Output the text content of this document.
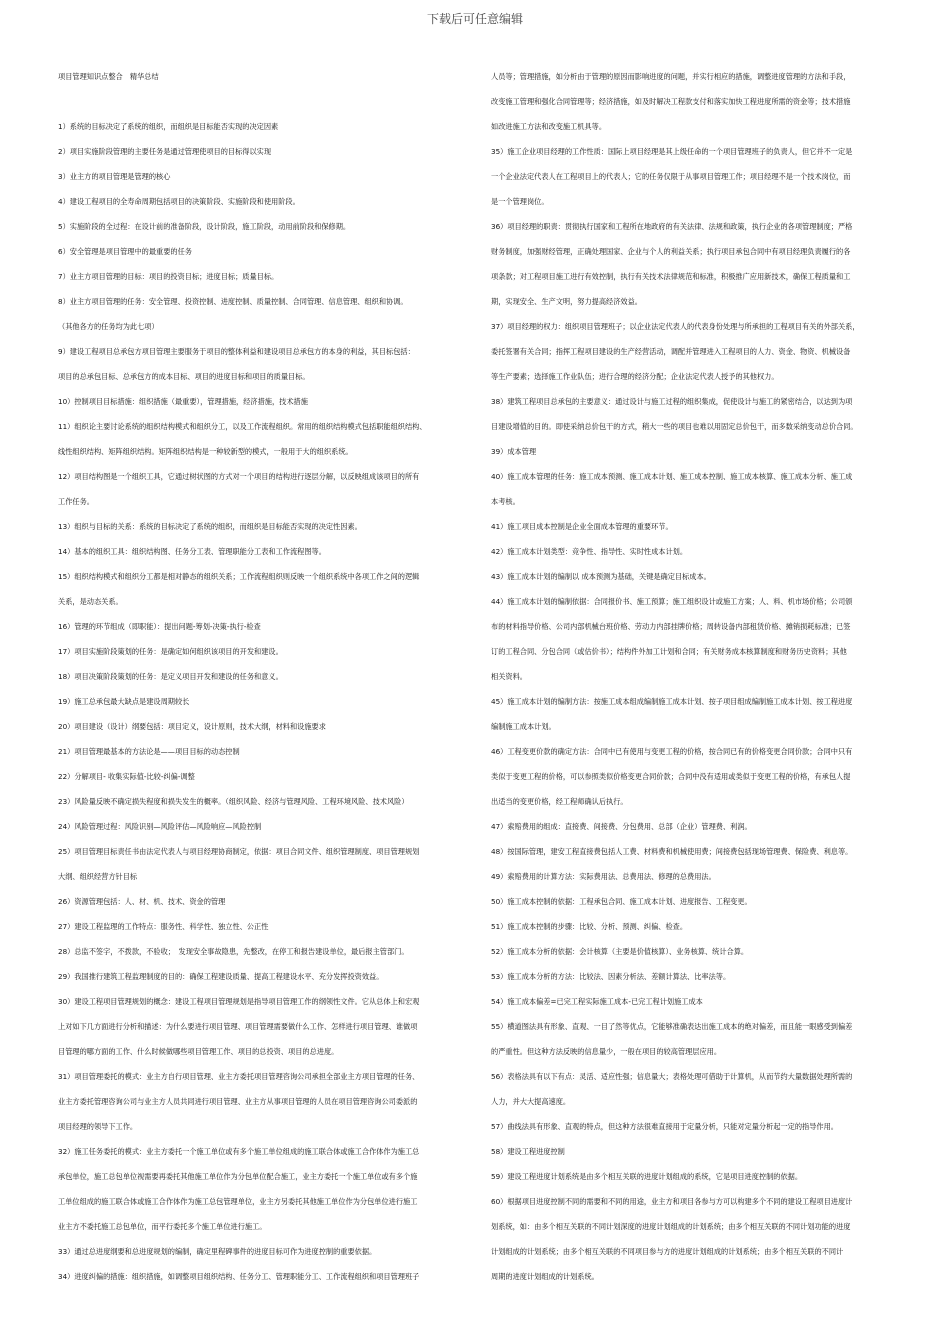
下载后可任意编辑
项目管理知识点整合　精华总结
1）系统的目标决定了系统的组织，而组织是目标能否实现的决定因素
2）项目实施阶段管理的主要任务是通过管理使项目的目标得以实现
3）业主方的项目管理是管理的核心
4）建设工程项目的全寿命周期包括项目的决策阶段、实施阶段和使用阶段。
5）实施阶段的全过程：在设计前的准备阶段，设计阶段，施工阶段，动用前阶段和保修期。
6）安全管理是项目管理中的最重要的任务
7）业主方项目管理的目标：项目的投资目标；进度目标；质量目标。
8）业主方项目管理的任务：安全管理、投资控制、进度控制、质量控制、合同管理、信息管理、组织和协调。
（其他各方的任务均为此七项）
9）建设工程项目总承包方项目管理主要服务于项目的整体利益和建设项目总承包方的本身的利益，其目标包括：
项目的总承包目标、总承包方的成本目标、项目的进度目标和项目的质量目标。
10）控制项目目标措施：组织措施（最重要），管理措施，经济措施，技术措施
11）组织论主要讨论系统的组织结构模式和组织分工，以及工作流程组织。常用的组织结构模式包括职能组织结构、
线性组织结构、矩阵组织结构。矩阵组织结构是一种较新型的模式，一般用于大的组织系统。
12）项目结构图是一个组织工具，它通过树状图的方式对一个项目的结构进行逐层分解，以反映组成该项目的所有
工作任务。
13）组织与目标的关系：系统的目标决定了系统的组织，而组织是目标能否实现的决定性因素。
14）基本的组织工具：组织结构图、任务分工表、管理职能分工表和工作流程图等。
15）组织结构模式和组织分工都是相对静态的组织关系；工作流程组织则反映一个组织系统中各项工作之间的逻辑
关系，是动态关系。
16）管理的环节组成（即职能）：提出问题-筹划-决策-执行-检查
17）项目实施阶段策划的任务：是确定如何组织该项目的开发和建设。
18）项目决策阶段策划的任务：是定义项目开发和建设的任务和意义。
19）施工总承包最大缺点是建设周期较长
20）项目建设（设计）纲要包括：项目定义，设计原则，技术大纲，材料和设施要求
21）项目管理最基本的方法论是——项目目标的动态控制
22）分解项目- 收集实际值-比较-纠偏-调整
23）风险量反映不确定损失程度和损失发生的概率。（组织风险、经济与管理风险、工程环境风险、技术风险）
24）风险管理过程：风险识别—风险评估—风险响应—风险控制
25）项目管理目标责任书由法定代表人与项目经理协商制定，依据：项目合同文件、组织管理制度、项目管理规划
大纲、组织经营方针目标
26）资源管理包括：人、材、机、技术、资金的管理
27）建设工程监理的工作特点：服务性、科学性、独立性、公正性
28）总监不签字，不拨款，不验收；　发现安全事故隐患，先整改，在停工和报告建设单位，最后报主管部门。
29）我国推行建筑工程监理制度的目的：确保工程建设质量、提高工程建设水平、充分发挥投资效益。
30）建设工程项目管理规划的概念：建设工程项目管理规划是指导项目管理工作的纲领性文件。它从总体上和宏观
上对如下几方面进行分析和描述：为什么要进行项目管理、项目管理需要做什么工作、怎样进行项目管理、谁做项
目管理的哪方面的工作、什么时候做哪些项目管理工作、项目的总投资、项目的总进度。
31）项目管理委托的模式：业主方自行项目管理、业主方委托项目管理咨询公司承担全部业主方项目管理的任务、
业主方委托管理咨询公司与业主方人员共同进行项目管理、业主方从事项目管理的人员在项目管理咨询公司委派的
项目经理的领导下工作。
32）施工任务委托的模式：业主方委托一个施工单位或有多个施工单位组成的施工联合体或施工合作体作为施工总
承包单位，施工总包单位视需要再委托其他施工单位作为分包单位配合施工，业主方委托一个施工单位或有多个施
工单位组成的施工联合体或施工合作体作为施工总包管理单位，业主方另委托其他施工单位作为分包单位进行施工
业主方不委托施工总包单位，而平行委托多个施工单位进行施工。
33）通过总进度纲要和总进度规划的编制，确定里程碑事件的进度目标可作为进度控制的重要依据。
34）进度纠偏的措施：组织措施，如调整项目组织结构、任务分工、管理职能分工、工作流程组织和项目管理班子
人员等；管理措施，如分析由于管理的原因而影响进度的问题，并实行相应的措施，调整进度管理的方法和手段，
改变施工管理和强化合同管理等；经济措施，如及时解决工程款支付和落实加快工程进度所需的资金等；技术措施
如改进施工方法和改变施工机具等。
35）施工企业项目经理的工作性质：国际上项目经理是其上级任命的一个项目管理班子的负责人，但它并不一定是
一个企业法定代表人在工程项目上的代表人；它的任务仅限于从事项目管理工作；项目经理不是一个技术岗位，而
是一个管理岗位。
36）项目经理的职责：贯彻执行国家和工程所在地政府的有关法律、法规和政策，执行企业的各项管理制度；严格
财务制度，加强财经管理，正确处理国家、企业与个人的利益关系；执行项目承包合同中有项目经理负责履行的各
项条款；对工程项目施工进行有效控制，执行有关技术法律规范和标准，积极推广应用新技术，确保工程质量和工
期，实现安全、生产文明，努力提高经济效益。
37）项目经理的权力：组织项目管理班子；以企业法定代表人的代表身份处理与所承担的工程项目有关的外部关系，
委托签署有关合同；指挥工程项目建设的生产经营活动，调配并管理进入工程项目的人力、资金、物资、机械设备
等生产要素；选择施工作业队伍；进行合理的经济分配；企业法定代表人授予的其他权力。
38）建筑工程项目总承包的主要意义：通过设计与施工过程的组织集成，促使设计与施工的紧密结合，以达到为项
目建设增值的目的。即使采纳总价包干的方式，稍大一些的项目也难以用固定总价包干，而多数采纳变动总价合同。
39）成本管理
40）施工成本管理的任务：施工成本预测、施工成本计划、施工成本控制、施工成本核算、施工成本分析、施工成
本考核。
41）施工项目成本控制是企业全面成本管理的重要环节。
42）施工成本计划类型：竞争性、指导性、实时性成本计划。
43）施工成本计划的编制以 成本预测为基础，关键是确定目标成本。
44）施工成本计划的编制依据：合同报价书、施工预算；施工组织设计或施工方案；人、料、机市场价格；公司颁
布的材料指导价格、公司内部机械台班价格、劳动力内部挂牌价格；周转设备内部租赁价格、摊销损耗标准；已签
订的工程合同、分包合同（或估价书）；结构件外加工计划和合同；有关财务成本核算制度和财务历史资料；其他
相关资料。
45）施工成本计划的编制方法：按施工成本组成编制施工成本计划、按子项目组成编制施工成本计划、按工程进度
编制施工成本计划。
46）工程变更价款的确定方法：合同中已有使用与变更工程的价格，按合同已有的价格变更合同价款；合同中只有
类似于变更工程的价格，可以参照类似价格变更合同价款；合同中没有适用或类似于变更工程的价格，有承包人提
出适当的变更价格，经工程师确认后执行。
47）索赔费用的组成：直接费、间接费、分包费用、总部（企业）管理费、利润。
48）按国际管理，建安工程直接费包括人工费、材料费和机械使用费；间接费包括现场管理费、保险费、利息等。
49）索赔费用的计算方法：实际费用法、总费用法、修理的总费用法。
50）施工成本控制的依据：工程承包合同、施工成本计划、进度报告、工程变更。
51）施工成本控制的步骤：比较、分析、预测、纠偏、检查。
52）施工成本分析的依据：会计核算（主要是价值核算）、业务核算、统计合算。
53）施工成本分析的方法：比较法、因素分析法、差额计算法、比率法等。
54）施工成本偏差=已完工程实际施工成本-已完工程计划施工成本
55）横道图法具有形象、直观、一目了然等优点，它能够准确表达出施工成本的绝对偏差，而且能一眼感受到偏差
的严重性。但这种方法反映的信息量少，一般在项目的较高管理层应用。
56）表格法具有以下有点：灵活、适应性强；信息量大；表格处理可借助于计算机，从而节约大量数据处理所需的
人力，并大大提高速度。
57）曲线法具有形象、直观的特点，但这种方法很难直接用于定量分析，只能对定量分析起一定的指导作用。
58）建设工程进度控制
59）建设工程进度计划系统是由多个相互关联的进度计划组成的系统，它是项目进度控制的依据。
60）根据项目进度控制不同的需要和不同的用途，业主方和项目各参与方可以构建多个不同的建设工程项目进度计
划系统，如：由多个相互关联的不同计划深度的进度计划组成的计划系统；由多个相互关联的不同计划功能的进度
计划组成的计划系统；由多个相互关联的不同项目参与方的进度计划组成的计划系统；由多个相互关联的不同计
周期的进度计划组成的计划系统。
